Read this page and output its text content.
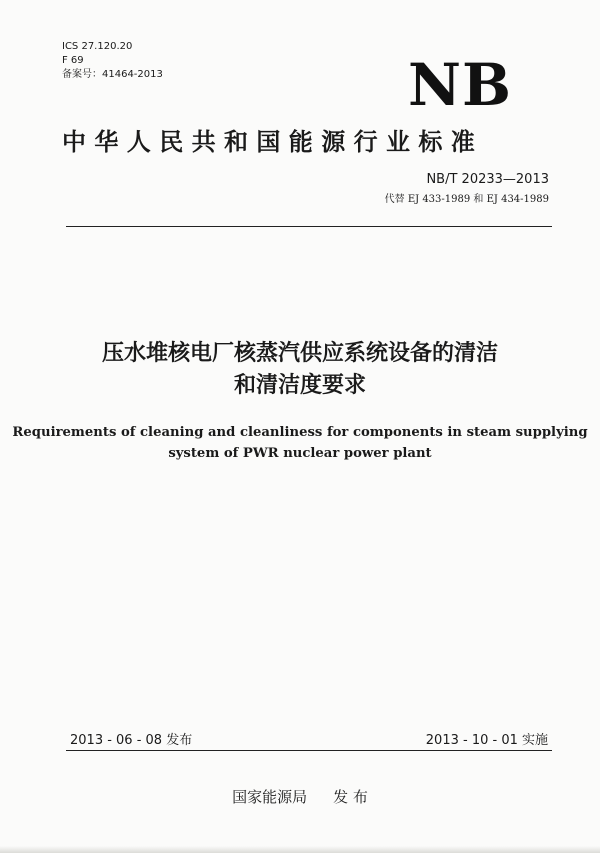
ICS 27.120.20
F 69
备案号：41464-2013	NB
中华人民共和国能源行业标准
NB/T 20233—2013
代替 EJ 433-1989 和 EJ 434-1989
压水堆核电厂核蒸汽供应系统设备的清洁
和清洁度要求
Requirements of cleaning and cleanliness for components in steam supplying
system of PWR nuclear power plant
2013 - 06 - 08 发布	2013 - 10 - 01 实施
国家能源局 发 布
